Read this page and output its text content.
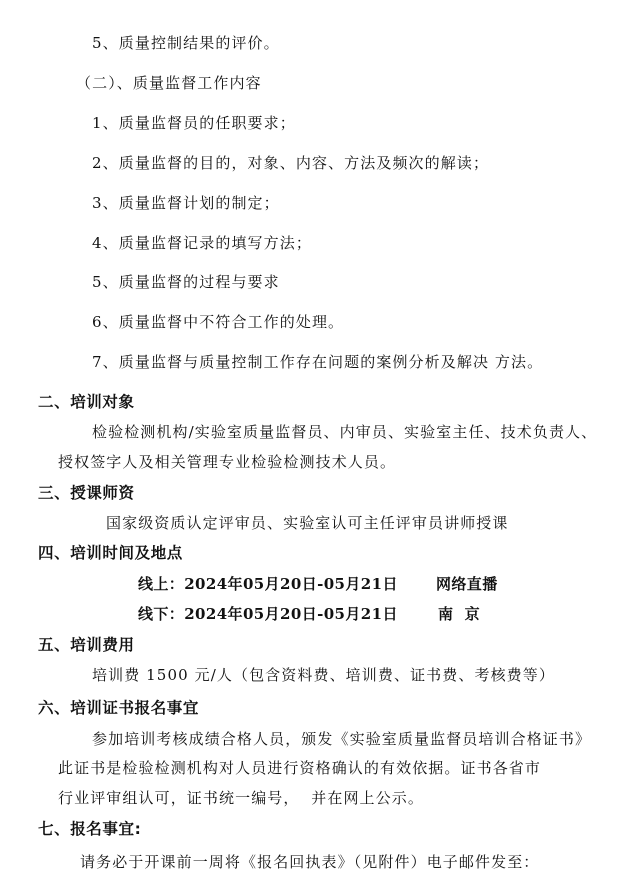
5、质量控制结果的评价。
（二）、质量监督工作内容
1、质量监督员的任职要求；
2、质量监督的目的，对象、内容、方法及频次的解读；
3、质量监督计划的制定；
4、质量监督记录的填写方法；
5、质量监督的过程与要求
6、质量监督中不符合工作的处理。
7、质量监督与质量控制工作存在问题的案例分析及解决 方法。
二、培训对象
检验检测机构/实验室质量监督员、内审员、实验室主任、技术负责人、
授权签字人及相关管理专业检验检测技术人员。
三、授课师资
国家级资质认定评审员、实验室认可主任评审员讲师授课
四、培训时间及地点
线上：2024年05月20日-05月21日	网络直播
线下：2024年05月20日-05月21日	南  京
五、培训费用
培训费 1500 元/人（包含资料费、培训费、证书费、考核费等）
六、培训证书报名事宜
参加培训考核成绩合格人员，颁发《实验室质量监督员培训合格证书》
此证书是检验检测机构对人员进行资格确认的有效依据。证书各省市
行业评审组认可，证书统一编号，  并在网上公示。
七、报名事宜:
请务必于开课前一周将《报名回执表》（见附件）电子邮件发至：
